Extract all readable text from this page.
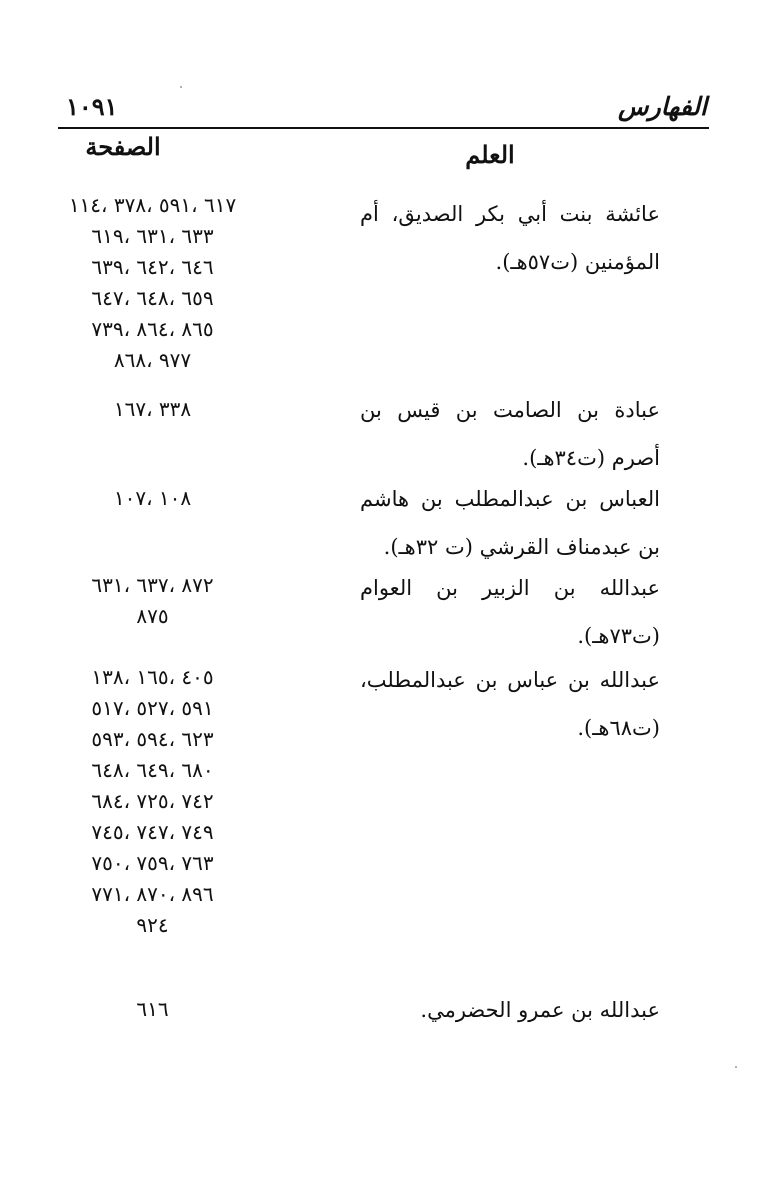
الفهارس
١٠٩١
العلم
الصفحة

عائشة بنت أبي بكر الصديق، أم المؤمنين (ت٥٧هـ).

٦١٧ ،٥٩١ ،٣٧٨ ،١١٤
٦٣٣ ،٦٣١ ،٦١٩
٦٤٦ ،٦٤٢ ،٦٣٩
٦٥٩ ،٦٤٨ ،٦٤٧
٨٦٥ ،٨٦٤ ،٧٣٩
٩٧٧ ،٨٦٨

عبادة بن الصامت بن قيس بن أصرم (ت٣٤هـ).

٣٣٨ ،١٦٧

العباس بن عبدالمطلب بن هاشم بن عبدمناف القرشي (ت ٣٢هـ).

١٠٨ ،١٠٧

عبدالله بن الزبير بن العوام (ت٧٣هـ).

٨٧٢ ،٦٣٧ ،٦٣١
٨٧٥

عبدالله بن عباس بن عبدالمطلب، (ت٦٨هـ).

٤٠٥ ،١٦٥ ،١٣٨
٥٩١ ،٥٢٧ ،٥١٧
٦٢٣ ،٥٩٤ ،٥٩٣
٦٨٠ ،٦٤٩ ،٦٤٨
٧٤٢ ،٧٢٥ ،٦٨٤
٧٤٩ ،٧٤٧ ،٧٤٥
٧٦٣ ،٧٥٩ ،٧٥٠
٨٩٦ ،٨٧٠ ،٧٧١
٩٢٤

عبدالله بن عمرو الحضرمي.

٦١٦
